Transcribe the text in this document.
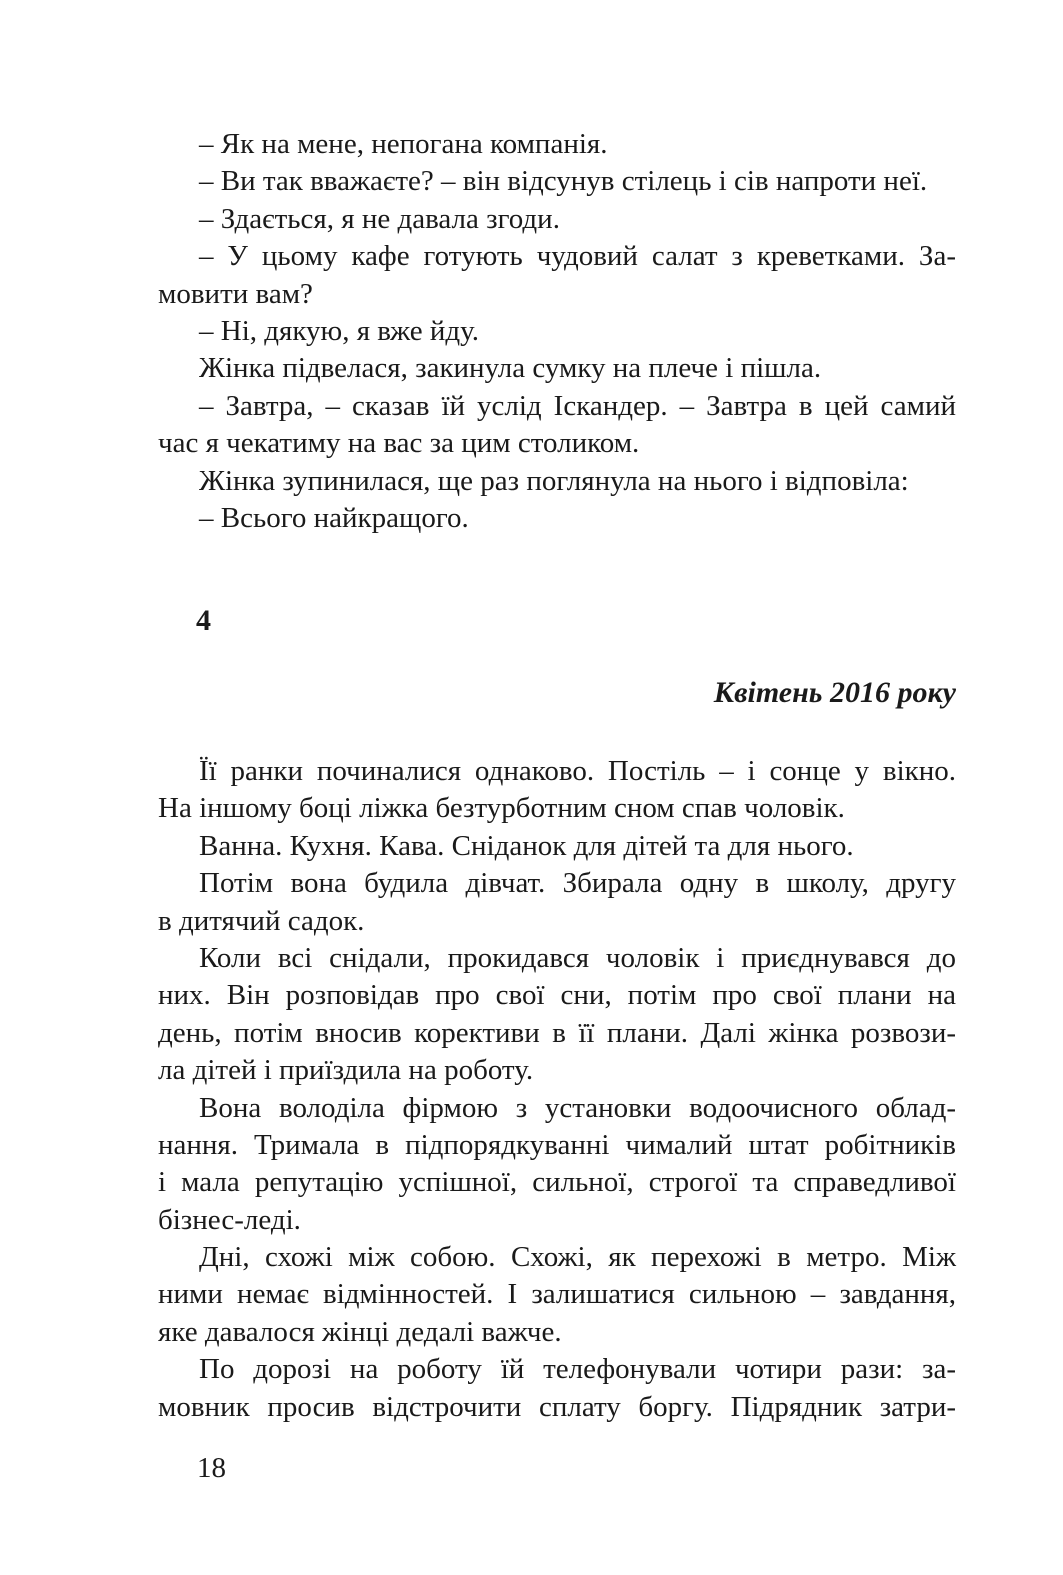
– Як на мене, непогана компанія.
– Ви так вважаєте? – він відсунув стілець і сів напроти неї.
– Здається, я не давала згоди.
– У цьому кафе готують чудовий салат з креветками. За-
мовити вам?
– Ні, дякую, я вже йду.
Жінка підвелася, закинула сумку на плече і пішла.
– Завтра, – сказав їй услід Іскандер. – Завтра в цей самий
час я чекатиму на вас за цим столиком.
Жінка зупинилася, ще раз поглянула на нього і відповіла:
– Всього найкращого.
4
Квітень 2016 року
Її ранки починалися однаково. Постіль – і сонце у вікно.
На іншому боці ліжка безтурботним сном спав чоловік.
Ванна. Кухня. Кава. Сніданок для дітей та для нього.
Потім вона будила дівчат. Збирала одну в школу, другу
в дитячий садок.
Коли всі снідали, прокидався чоловік і приєднувався до
них. Він розповідав про свої сни, потім про свої плани на
день, потім вносив корективи в її плани. Далі жінка розвози-
ла дітей і приїздила на роботу.
Вона володіла фірмою з установки водоочисного облад-
нання. Тримала в підпорядкуванні чималий штат робітників
і мала репутацію успішної, сильної, строгої та справедливої
бізнес-леді.
Дні, схожі між собою. Схожі, як перехожі в метро. Між
ними немає відмінностей. І залишатися сильною – завдання,
яке давалося жінці дедалі важче.
По дорозі на роботу їй телефонували чотири рази: за-
мовник просив відстрочити сплату боргу. Підрядник затри-
18
